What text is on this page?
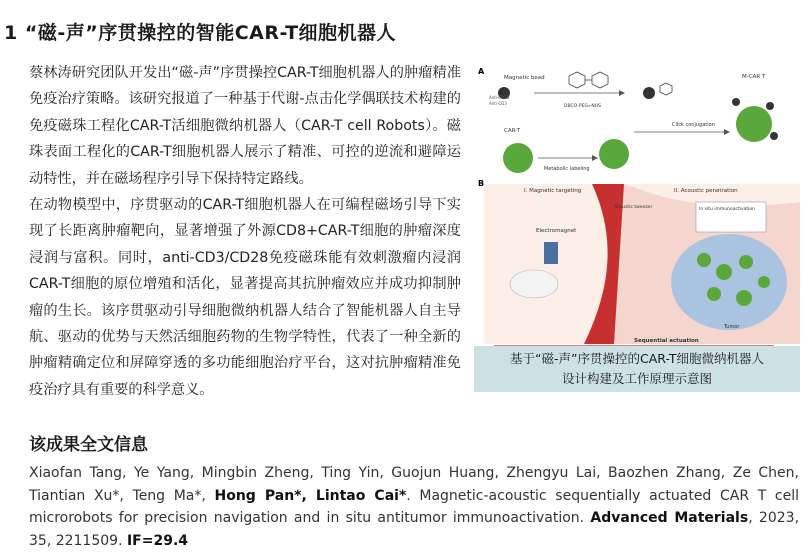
1 “磁-声”序贯操控的智能CAR-T细胞机器人

蔡林涛研究团队开发出“磁-声”序贯操控CAR-T细胞机器人的肿瘤精准免疫治疗策略。该研究报道了一种基于代谢-点击化学偶联技术构建的免疫磁珠工程化CAR-T活细胞微纳机器人（CAR-T cell Robots）。磁珠表面工程化的CAR-T细胞机器人展示了精准、可控的逆流和避障运动特性，并在磁场程序引导下保持特定路线。

在动物模型中，序贯驱动的CAR-T细胞机器人在可编程磁场引导下实现了长距离肿瘤靶向，显著增强了外源CD8+CAR-T细胞的肿瘤深度浸润与富积。同时，anti-CD3/CD28免疫磁珠能有效刺激瘤内浸润CAR-T细胞的原位增殖和活化，显著提高其抗肿瘤效应并成功抑制肿瘤的生长。该序贯驱动引导细胞微纳机器人结合了智能机器人自主导航、驱动的优势与天然活细胞药物的生物学特性，代表了一种全新的肿瘤精确定位和屏障穿透的多功能细胞治疗平台，这对抗肿瘤精准免疫治疗具有重要的科学意义。

A
Magnetic bead
Anti-CD28
Anti-CD3
DBCO-PEG₄-NHS
M-CAR T
CAR-T
Metabolic labeling
Click conjugation
B
I. Magnetic targeting	II. Acoustic penetration
In situ immunoactivation
Acoustic tweezer
Electromagnet
Tumor
Sequential actuation
基于“磁-声”序贯操控的CAR-T细胞微纳机器人
设计构建及工作原理示意图
该成果全文信息
Xiaofan Tang, Ye Yang, Mingbin Zheng, Ting Yin, Guojun Huang, Zhengyu Lai, Baozhen Zhang, Ze Chen, Tiantian Xu*, Teng Ma*, Hong Pan*, Lintao Cai*. Magnetic-acoustic sequentially actuated CAR T cell microrobots for precision navigation and in situ antitumor immunoactivation. Advanced Materials, 2023, 35, 2211509. IF=29.4
